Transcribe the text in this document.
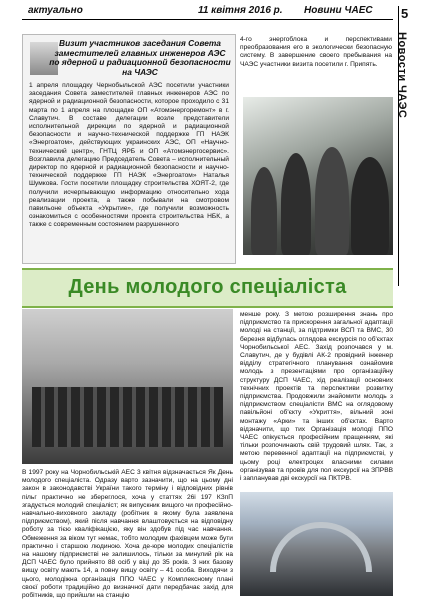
актуально	11 квітня 2016 р. Новини ЧАЕС 5
Новости ЧАЭС
Визит участников заседания Совета заместителей главных инженеров АЭС по ядерной и радиационной безопасности на ЧАЭС
1 апреля площадку Чернобыльской АЭС посетили участники заседания Совета заместителей главных инженеров АЭС по ядерной и радиационной безопасности, которое проходило с 31 марта по 1 апреля на площадке ОП «Атомэнергоремонт» в г. Славутич. В составе делегации возле представители исполнительной дирекции по ядерной и радиационной безопасности и научно-технической поддержке ГП НАЭК «Энергоатом», действующих украинских АЭС, ОП «Научно-технический центр», ГНТЦ ЯРБ и ОП «Атомэнергосервис». Возглавила делегацию Председатель Совета – исполнительный директор по ядерной и радиационной безопасности и научно-технической поддержке ГП НАЭК «Энергоатом» Наталья Шумкова. Гости посетили площадку строительства ХОЯТ-2, где получили исчерпывающую информацию относительно хода реализации проекта, а также побывали на смотровом павильоне объекта «Укрытие», где получили возможность ознакомиться с особенностями проекта строительства НБК, а также с современным состоянием разрушенного
4-го энергоблока и перспективами преобразования его в экологически безопасную систему. В завершение своего пребывания на ЧАЭС участники визита посетили г. Припять.
День молодого спеціаліста
В 1997 року на Чорнобильській АЕС 3 квітня відзначається Як День молодого спеціаліста. Одразу варто зазначити, що на цьому дні закон в законодавстві України такого терміну і відповідних рівнів пільг практично не збереглося, хоча у статтях 26і 197 КЗпП згадується молодий спеціаліст; як випускник вищого чи професійно-навчально-виховного закладу (робітник в якому була заявлена підприємством), який після навчання влаштовується на відповідну роботу за тією кваліфікацією, яку він здобув під час навчання. Обмеження за віком тут немає, тобто молодим фахівцем може бути практично і старшою людиною. Хоча де-юре молодих спеціалістів на нашому підприємстві не залишилось, тільки за минулий рік на ДСП ЧАЕС було прийнято 88 осіб у віці до 35 років. З них базову вищу освіту мають 14, а повну вищу освіту – 41 особа. Виходячи з цього, молодіжна організація ППО ЧАЕС у Комплексному плані своєї роботи традиційно до визначної дати передбачає захід для робітників, що прийшли на станцію
менше року. З метою розширення знань про підприємство та прискорення загальної адаптації молоді на станції, за підтримки ВСП та ВМС, 30 березня відбулась оглядова екскурсія по об'єктах Чорнобильської АЕС. Захід розпочався у м. Славутич, де у будівлі АК-2 провідний інженер відділу стратегічного планування ознайомив молодь з презентаціями про організаційну структуру ДСП ЧАЕС, хід реалізації основних технічних проектів та перспективи розвитку підприємства. Продовжили знайомити молодь з підприємством спеціалісти ВМС на оглядовому павільйоні об'єкту «Укриття», вільний зоні монтажу «Арки» та інших об'єктах. Варто відзначити, що тих Організація молоді ППО ЧАЕС опікується професійним пращенням, які тільки розпочинають свій трудовий шлях. Так, з метою перевенної адаптації на підприємстві, у цьому році електроцех власними силами організував та провів для пол екскурсії на ЗПРВВ і запланував дві екскурсії на ПКТРВ.
